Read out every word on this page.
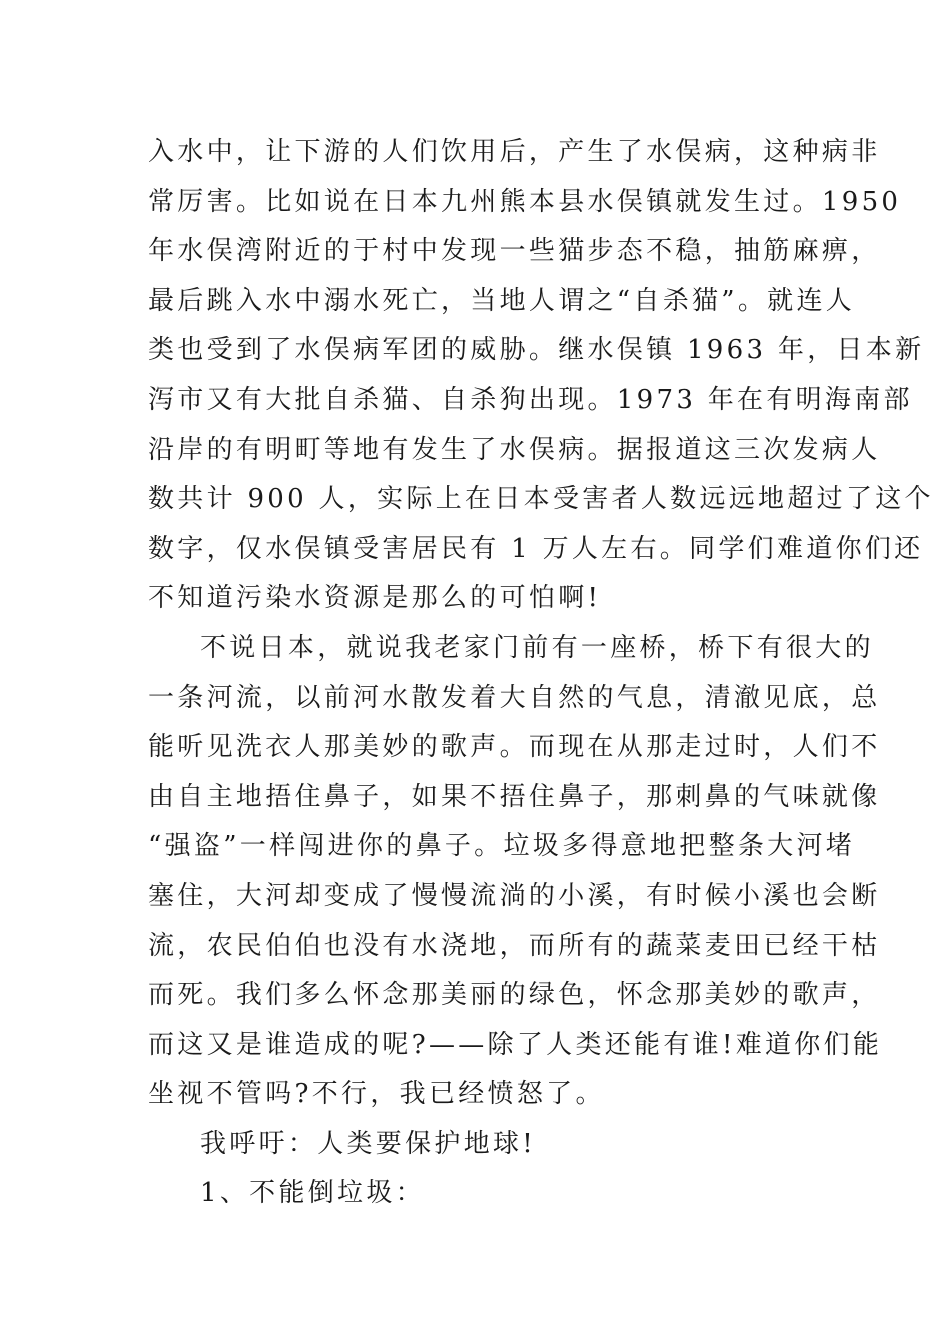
入水中，让下游的人们饮用后，产生了水俣病，这种病非
常厉害。比如说在日本九州熊本县水俣镇就发生过。1950
年水俣湾附近的于村中发现一些猫步态不稳，抽筋麻痹，
最后跳入水中溺水死亡，当地人谓之“自杀猫”。就连人
类也受到了水俣病军团的威胁。继水俣镇 1963 年，日本新
泻市又有大批自杀猫、自杀狗出现。1973 年在有明海南部
沿岸的有明町等地有发生了水俣病。据报道这三次发病人
数共计 900 人，实际上在日本受害者人数远远地超过了这个
数字，仅水俣镇受害居民有 1 万人左右。同学们难道你们还
不知道污染水资源是那么的可怕啊!
不说日本，就说我老家门前有一座桥，桥下有很大的
一条河流，以前河水散发着大自然的气息，清澈见底，总
能听见洗衣人那美妙的歌声。而现在从那走过时，人们不
由自主地捂住鼻子，如果不捂住鼻子，那刺鼻的气味就像
“强盗”一样闯进你的鼻子。垃圾多得意地把整条大河堵
塞住，大河却变成了慢慢流淌的小溪，有时候小溪也会断
流，农民伯伯也没有水浇地，而所有的蔬菜麦田已经干枯
而死。我们多么怀念那美丽的绿色，怀念那美妙的歌声，
而这又是谁造成的呢?——除了人类还能有谁!难道你们能
坐视不管吗?不行，我已经愤怒了。
我呼吁：人类要保护地球!
1、不能倒垃圾：
